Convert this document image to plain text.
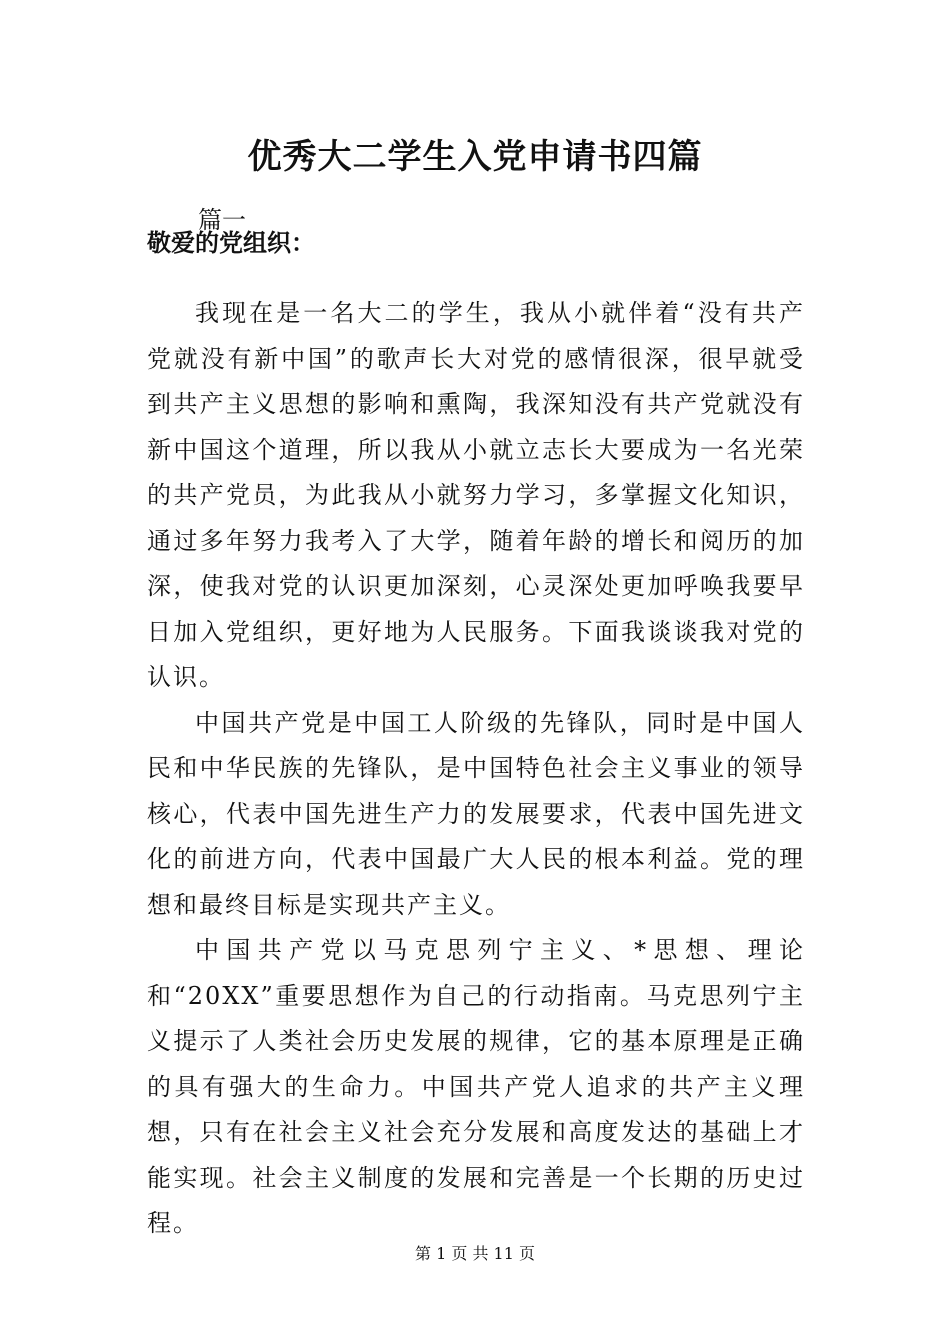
优秀大二学生入党申请书四篇
篇一
敬爱的党组织：

我现在是一名大二的学生，我从小就伴着“没有共产党就没有新中国”的歌声长大对党的感情很深，很早就受到共产主义思想的影响和熏陶，我深知没有共产党就没有新中国这个道理，所以我从小就立志长大要成为一名光荣的共产党员，为此我从小就努力学习，多掌握文化知识，通过多年努力我考入了大学，随着年龄的增长和阅历的加深，使我对党的认识更加深刻，心灵深处更加呼唤我要早日加入党组织，更好地为人民服务。下面我谈谈我对党的认识。

中国共产党是中国工人阶级的先锋队，同时是中国人民和中华民族的先锋队，是中国特色社会主义事业的领导核心，代表中国先进生产力的发展要求，代表中国先进文化的前进方向，代表中国最广大人民的根本利益。党的理想和最终目标是实现共产主义。

中国共产党以马克思列宁主义、*思想、理论和“20XX”重要思想作为自己的行动指南。马克思列宁主义提示了人类社会历史发展的规律，它的基本原理是正确的具有强大的生命力。中国共产党人追求的共产主义理想，只有在社会主义社会充分发展和高度发达的基础上才能实现。社会主义制度的发展和完善是一个长期的历史过程。

第 1 页 共 11 页
